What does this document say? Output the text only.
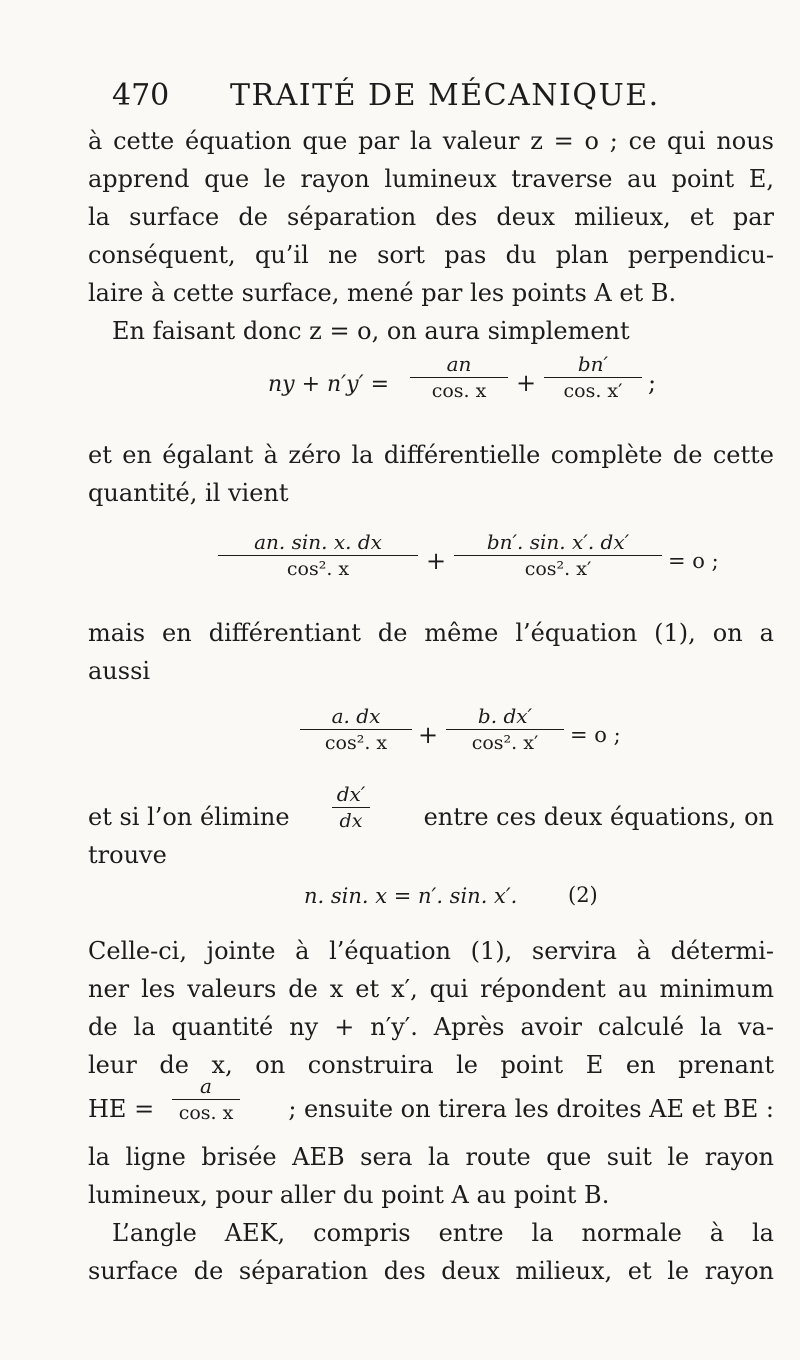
470 TRAITÉ DE MÉCANIQUE.
à cette équation que par la valeur z = o ; ce qui nous
apprend que le rayon lumineux traverse au point E,
la surface de séparation des deux milieux, et par
conséquent, qu’il ne sort pas du plan perpendicu-
laire à cette surface, mené par les points A et B.
En faisant donc z = o, on aura simplement
ny + n′y′ =
an
cos. x	+
bn′
cos. x′	;
et en égalant à zéro la différentielle complète de cette
quantité, il vient
an. sin. x. dx
cos². x	+
bn′. sin. x′. dx′
cos². x′	= o ;
mais en différentiant de même l’équation (1), on a
aussi
a. dx
cos². x	+
b. dx′
cos². x′	= o ;
et si l’on élimine
dx′
dx	entre ces deux équations, on
trouve
n. sin. x = n′. sin. x′. (2)
Celle-ci, jointe à l’équation (1), servira à détermi-
ner les valeurs de x et x′, qui répondent au minimum
de la quantité ny + n′y′. Après avoir calculé la va-
leur de x, on construira le point E en prenant
HE =
a
cos. x	; ensuite on tirera les droites AE et BE :
la ligne brisée AEB sera la route que suit le rayon
lumineux, pour aller du point A au point B.
L’angle AEK, compris entre la normale à la
surface de séparation des deux milieux, et le rayon
